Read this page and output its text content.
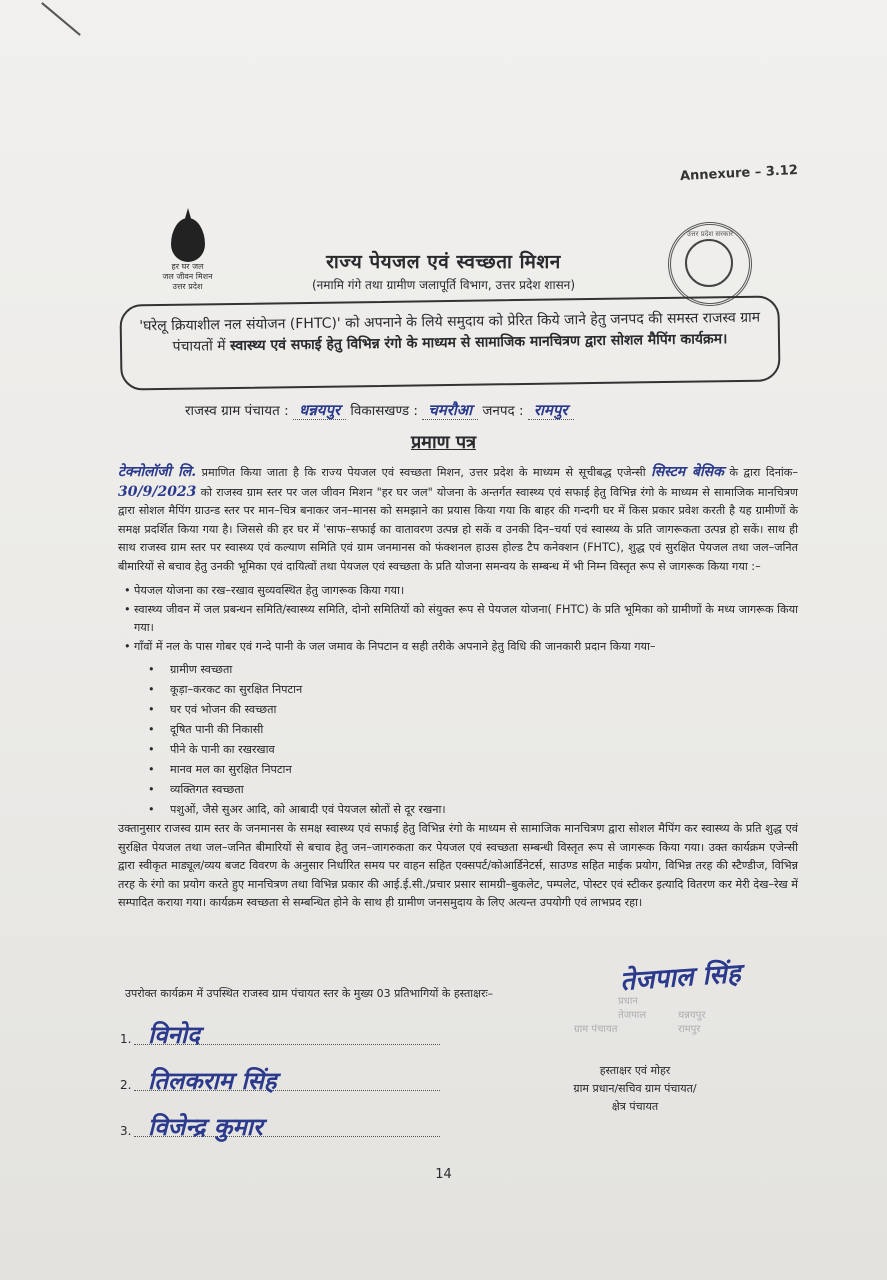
Annexure – 3.12
हर घर जल
जल जीवन मिशन
उत्तर प्रदेश
उत्तर प्रदेश सरकार
राज्य पेयजल एवं स्वच्छता मिशन
(नमामि गंगे तथा ग्रामीण जलापूर्ति विभाग, उत्तर प्रदेश शासन)
'घरेलू क्रियाशील नल संयोजन (FHTC)' को अपनाने के लिये समुदाय को प्रेरित किये जाने हेतु जनपद की समस्त राजस्व ग्राम पंचायतों में स्वास्थ्य एवं सफाई हेतु विभिन्न रंगो के माध्यम से सामाजिक मानचित्रण द्वारा सोशल मैपिंग कार्यक्रम।
राजस्व ग्राम पंचायत : धन्नयपुर विकासखण्ड : चमरौआ जनपद : रामपुर
प्रमाण पत्र

टेक्नोलॉजी लि. प्रमाणित किया जाता है कि राज्य पेयजल एवं स्वच्छता मिशन, उत्तर प्रदेश के माध्यम से सूचीबद्ध एजेन्सी सिस्टम बेसिक के द्वारा दिनांक– 30/9/2023 को राजस्व ग्राम स्तर पर जल जीवन मिशन "हर घर जल" योजना के अन्तर्गत स्वास्थ्य एवं सफाई हेतु विभिन्न रंगो के माध्यम से सामाजिक मानचित्रण द्वारा सोशल मैपिंग ग्राउन्ड स्तर पर मान–चित्र बनाकर जन–मानस को समझाने का प्रयास किया गया कि बाहर की गन्दगी घर में किस प्रकार प्रवेश करती है यह ग्रामीणों के समक्ष प्रदर्शित किया गया है। जिससे की हर घर में 'साफ–सफाई का वातावरण उत्पन्न हो सकें व उनकी दिन–चर्या एवं स्वास्थ्य के प्रति जागरूकता उत्पन्न हो सकें। साथ ही साथ राजस्व ग्राम स्तर पर स्वास्थ्य एवं कल्याण समिति एवं ग्राम जनमानस को फंक्शनल हाउस होल्ड टैप कनेक्शन (FHTC), शुद्ध एवं सुरक्षित पेयजल तथा जल–जनित बीमारियों से बचाव हेतु उनकी भूमिका एवं दायित्वों तथा पेयजल एवं स्वच्छता के प्रति योजना समन्वय के सम्बन्ध में भी निम्न विस्तृत रूप से जागरूक किया गया :–

• पेयजल योजना का रख–रखाव सुव्यवस्थित हेतु जागरूक किया गया।
• स्वास्थ्य जीवन में जल प्रबन्धन समिति/स्वास्थ्य समिति, दोनो समितियों को संयुक्त रूप से पेयजल योजना( FHTC) के प्रति भूमिका को ग्रामीणों के मध्य जागरूक किया गया।
• गाँवों में नल के पास गोबर एवं गन्दे पानी के जल जमाव के निपटान व सही तरीके अपनाने हेतु विधि की जानकारी प्रदान किया गया–
• ग्रामीण स्वच्छता
• कूड़ा–करकट का सुरक्षित निपटान
• घर एवं भोजन की स्वच्छता
• दूषित पानी की निकासी
• पीने के पानी का रखरखाव
• मानव मल का सुरक्षित निपटान
• व्यक्तिगत स्वच्छता
• पशुओं, जैसे सुअर आदि, को आबादी एवं पेयजल स्रोतों से दूर रखना।

उक्तानुसार राजस्व ग्राम स्तर के जनमानस के समक्ष स्वास्थ्य एवं सफाई हेतु विभिन्न रंगो के माध्यम से सामाजिक मानचित्रण द्वारा सोशल मैपिंग कर स्वास्थ्य के प्रति शुद्ध एवं सुरक्षित पेयजल तथा जल–जनित बीमारियों से बचाव हेतु जन–जागरुकता कर पेयजल एवं स्वच्छता सम्बन्धी विस्तृत रूप से जागरूक किया गया। उक्त कार्यक्रम एजेन्सी द्वारा स्वीकृत माड्यूल/व्यय बजट विवरण के अनुसार निर्धारित समय पर वाहन सहित एक्सपर्ट/कोआर्डिनेटर्स, साउण्ड सहित माईक प्रयोग, विभिन्न तरह की स्टैण्डीज, विभिन्न तरह के रंगो का प्रयोग करते हुए मानचित्रण तथा विभिन्न प्रकार की आई.ई.सी./प्रचार प्रसार सामग्री–बुकलेट, पम्पलेट, पोस्टर एवं स्टीकर इत्यादि वितरण कर मेरी देख–रेख में सम्पादित कराया गया। कार्यक्रम स्वच्छता से सम्बन्धित होने के साथ ही ग्रामीण जनसमुदाय के लिए अत्यन्त उपयोगी एवं लाभप्रद रहा।

उपरोक्त कार्यक्रम में उपस्थित राजस्व ग्राम पंचायत स्तर के मुख्य 03 प्रतिभागियों के हस्ताक्षरः–
1. विनोद
2. तिलकराम सिंह
3. विजेन्द्र कुमार
तेजपाल सिंह
प्रधान
तेजपाल
ग्राम पंचायत
धन्नयपुर
रामपुर
हस्ताक्षर एवं मोहर
ग्राम प्रधान/सचिव ग्राम पंचायत/
क्षेत्र पंचायत
14
